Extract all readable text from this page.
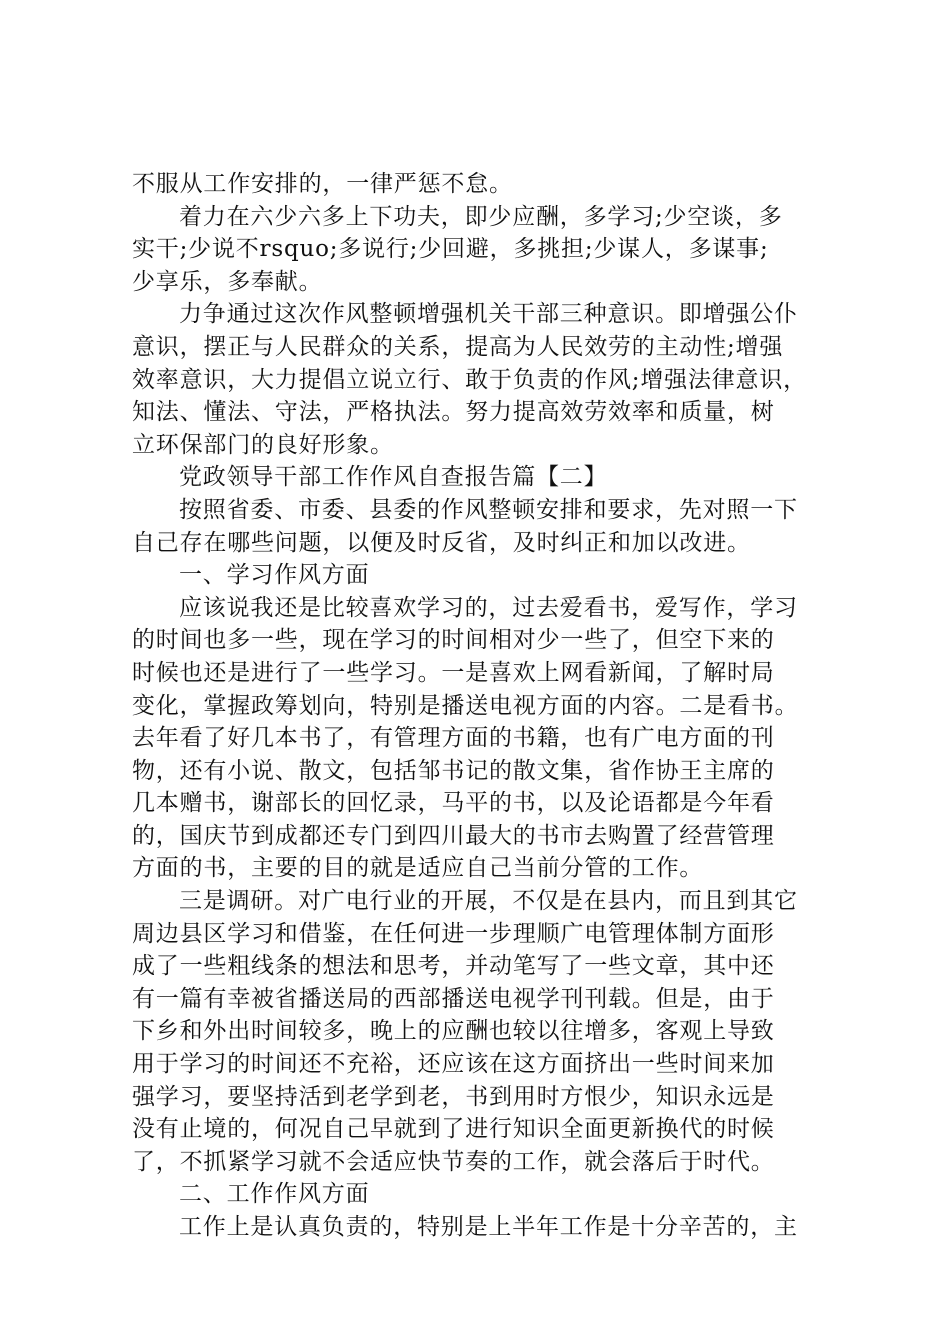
不服从工作安排的，一律严惩不怠。
着力在六少六多上下功夫，即少应酬，多学习;少空谈，多
实干;少说不rsquo;多说行;少回避，多挑担;少谋人，多谋事;
少享乐，多奉献。
力争通过这次作风整顿增强机关干部三种意识。即增强公仆
意识，摆正与人民群众的关系，提高为人民效劳的主动性;增强
效率意识，大力提倡立说立行、敢于负责的作风;增强法律意识，
知法、懂法、守法，严格执法。努力提高效劳效率和质量，树
立环保部门的良好形象。
党政领导干部工作作风自查报告篇【二】
按照省委、市委、县委的作风整顿安排和要求，先对照一下
自己存在哪些问题，以便及时反省，及时纠正和加以改进。
一、学习作风方面
应该说我还是比较喜欢学习的，过去爱看书，爱写作，学习
的时间也多一些，现在学习的时间相对少一些了，但空下来的
时候也还是进行了一些学习。一是喜欢上网看新闻，了解时局
变化，掌握政筹划向，特别是播送电视方面的内容。二是看书。
去年看了好几本书了，有管理方面的书籍，也有广电方面的刊
物，还有小说、散文，包括邹书记的散文集，省作协王主席的
几本赠书，谢部长的回忆录，马平的书，以及论语都是今年看
的，国庆节到成都还专门到四川最大的书市去购置了经营管理
方面的书，主要的目的就是适应自己当前分管的工作。
三是调研。对广电行业的开展，不仅是在县内，而且到其它
周边县区学习和借鉴，在任何进一步理顺广电管理体制方面形
成了一些粗线条的想法和思考，并动笔写了一些文章，其中还
有一篇有幸被省播送局的西部播送电视学刊刊载。但是，由于
下乡和外出时间较多，晚上的应酬也较以往增多，客观上导致
用于学习的时间还不充裕，还应该在这方面挤出一些时间来加
强学习，要坚持活到老学到老，书到用时方恨少，知识永远是
没有止境的，何况自己早就到了进行知识全面更新换代的时候
了，不抓紧学习就不会适应快节奏的工作，就会落后于时代。
二、工作作风方面
工作上是认真负责的，特别是上半年工作是十分辛苦的，主
